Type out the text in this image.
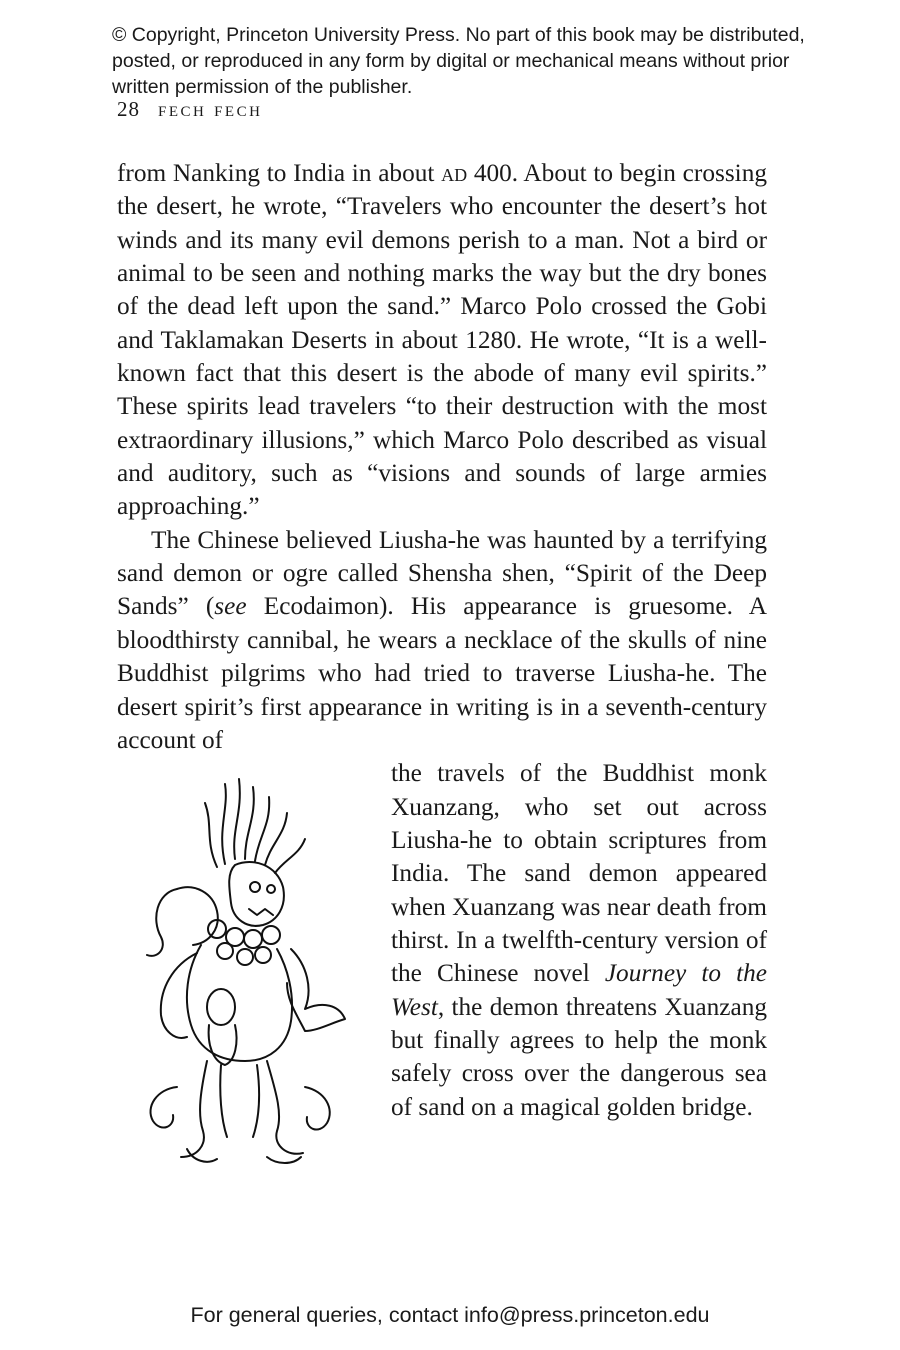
© Copyright, Princeton University Press. No part of this book may be distributed, posted, or reproduced in any form by digital or mechanical means without prior written permission of the publisher.
28 fech fech

from Nanking to India in about ad 400. About to begin crossing the desert, he wrote, “Travelers who encounter the desert’s hot winds and its many evil demons perish to a man. Not a bird or animal to be seen and nothing marks the way but the dry bones of the dead left upon the sand.” Marco Polo crossed the Gobi and Taklamakan Deserts in about 1280. He wrote, “It is a well-known fact that this desert is the abode of many evil spirits.” These spirits lead travelers “to their destruction with the most extraordinary illusions,” which Marco Polo described as visual and auditory, such as “visions and sounds of large armies approaching.”

The Chinese believed Liusha-he was haunted by a terrifying sand demon or ogre called Shensha shen, “Spirit of the Deep Sands” (see Ecodaimon). His appearance is gruesome. A bloodthirsty cannibal, he wears a necklace of the skulls of nine Buddhist pilgrims who had tried to traverse Liusha-he. The desert spirit’s first appearance in writing is in a seventh-century account of

the travels of the Buddhist monk Xuanzang, who set out across Liusha-he to obtain scriptures from India. The sand demon appeared when Xuanzang was near death from thirst. In a twelfth-century version of the Chinese novel Journey to the West, the demon threatens Xuanzang but finally agrees to help the monk safely cross over the dangerous sea of sand on a magical golden bridge.

For general queries, contact info@press.princeton.edu
